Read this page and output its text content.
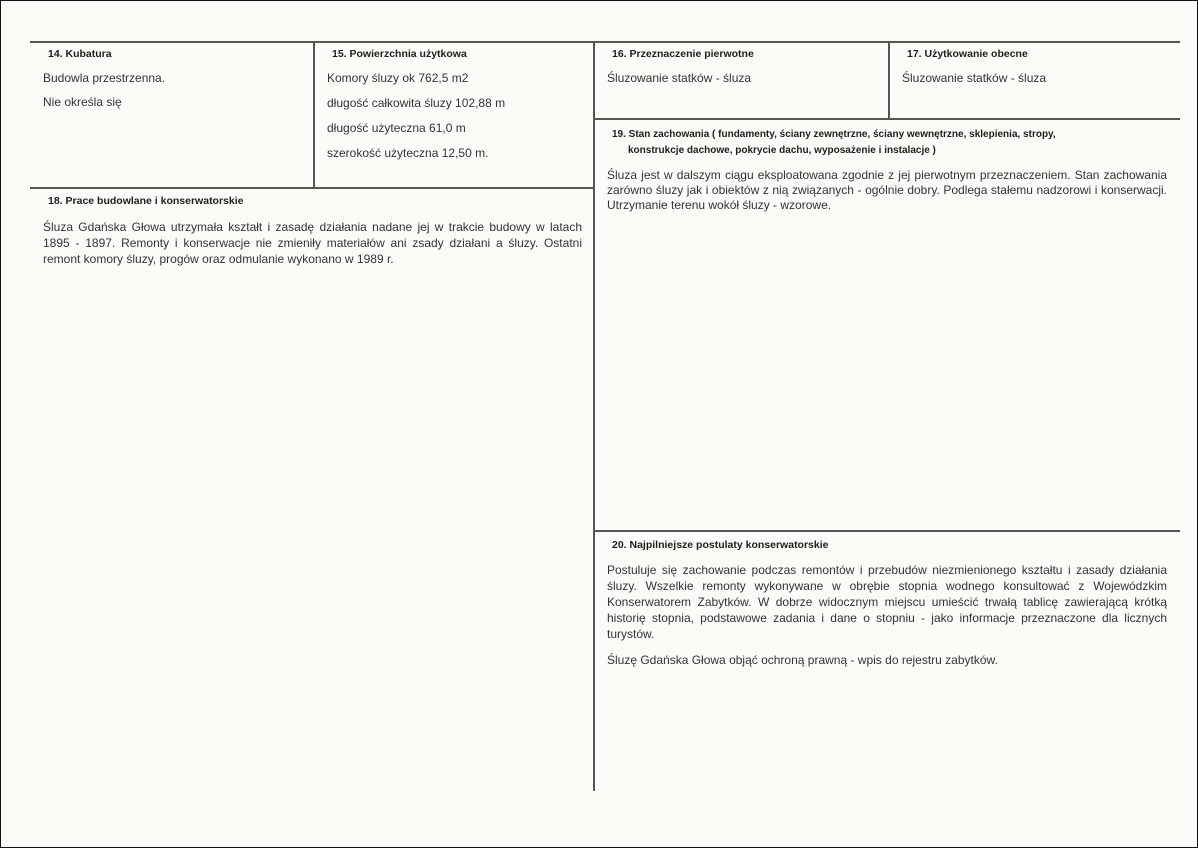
14. Kubatura
Budowla przestrzenna.
Nie określa się
15. Powierzchnia użytkowa
Komory śluzy ok 762,5 m2
długość całkowita śluzy 102,88 m
długość użyteczna 61,0 m
szerokość użyteczna 12,50 m.
16. Przeznaczenie pierwotne
Śluzowanie statków - śluza
17. Użytkowanie obecne
Śluzowanie statków - śluza
18. Prace budowlane i konserwatorskie
Śluza Gdańska Głowa utrzymała kształt i zasadę działania nadane jej w trakcie budowy w latach 1895 - 1897. Remonty i konserwacje nie zmieniły materiałów ani zsady działani a śluzy. Ostatni remont komory śluzy, progów oraz odmulanie wykonano w 1989 r.
19. Stan zachowania ( fundamenty, ściany zewnętrzne, ściany wewnętrzne, sklepienia, stropy,
konstrukcje dachowe, pokrycie dachu, wyposażenie i instalacje )
Śluza jest w dalszym ciągu eksploatowana zgodnie z jej pierwotnym przeznaczeniem. Stan zachowania zarówno śluzy jak i obiektów z nią związanych - ogólnie dobry. Podlega stałemu nadzorowi i konserwacji. Utrzymanie terenu wokół śluzy - wzorowe.
20. Najpilniejsze postulaty konserwatorskie
Postuluje się zachowanie podczas remontów i przebudów niezmienionego kształtu i zasady działania śluzy. Wszelkie remonty wykonywane w obrębie stopnia wodnego konsultować z Wojewódzkim Konserwatorem Zabytków. W dobrze widocznym miejscu umieścić trwałą tablicę zawierającą krótką historię stopnia, podstawowe zadania i dane o stopniu - jako informacje przeznaczone dla licznych turystów.
Śluzę Gdańska Głowa objąć ochroną prawną - wpis do rejestru zabytków.
